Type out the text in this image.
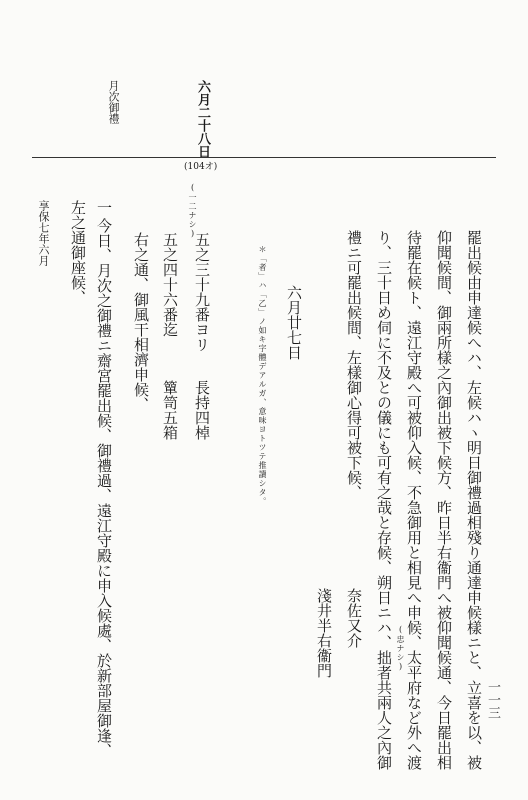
月次御禮	六月二十八日
(104オ)
享保七年六月 左之通御座候、 一
今日、月次之御禮ニ齋宮罷出候、御禮過、遠江守殿に申入候處、於新部屋御逢、 右之通、御風干相濟申候、 五之四十六番迄
簞笥五箱
(一二ナシ)
五之三十九番ヨリ
長持四棹	＊「者」ハ「乙」ノ如キ字體デアルガ、意味ヨトツテ推讀シタ。 六月廿七日
淺井半右衞門 奈佐又介
禮ニ可罷出候間、左樣御心得可被下候、 り、三十日め伺に不及との儀にも可有之哉と存候、朔日ニハ、拙者共兩人之內御 待罷在候ト、遠江守殿へ可被仰入候、不急御用と相見へ申候、太平府など外へ渡 仰聞候間、御兩所樣之內御出被下候方、昨日半右衞門へ被仰聞候通、今日罷出相 罷出候由申達候へハ、左候ハヽ明日御禮過相殘り通達申候樣ニと、立喜を以、被
(忠ナシ)
一一三
